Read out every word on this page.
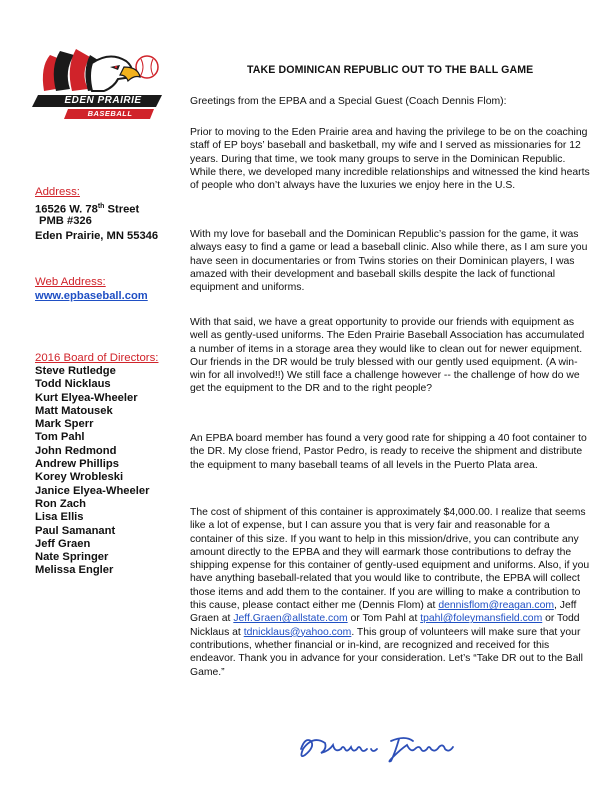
EDEN PRAIRIE
BASEBALL
Address:
16526 W. 78th Street
PMB #326
Eden Prairie, MN 55346
Web Address:
www.epbaseball.com
2016 Board of Directors:
Steve Rutledge
Todd Nicklaus
Kurt Elyea-Wheeler
Matt Matousek
Mark Sperr
Tom Pahl
John Redmond
Andrew Phillips
Korey Wrobleski
Janice Elyea-Wheeler
Ron Zach
Lisa Ellis
Paul Samanant
Jeff Graen
Nate Springer
Melissa Engler
TAKE DOMINICAN REPUBLIC OUT TO THE BALL GAME

Greetings from the EPBA and a Special Guest (Coach Dennis Flom):

Prior to moving to the Eden Prairie area and having the privilege to be on the coaching staff of EP boys’ baseball and basketball, my wife and I served as missionaries for 12 years. During that time, we took many groups to serve in the Dominican Republic. While there, we developed many incredible relationships and witnessed the kind hearts of people who don’t always have the luxuries we enjoy here in the U.S.

With my love for baseball and the Dominican Republic’s passion for the game, it was always easy to find a game or lead a baseball clinic. Also while there, as I am sure you have seen in documentaries or from Twins stories on their Dominican players, I was amazed with their development and baseball skills despite the lack of functional equipment and uniforms.

With that said, we have a great opportunity to provide our friends with equipment as well as gently-used uniforms. The Eden Prairie Baseball Association has accumulated a number of items in a storage area they would like to clean out for newer equipment. Our friends in the DR would be truly blessed with our gently used equipment. (A win-win for all involved!!) We still face a challenge however -- the challenge of how do we get the equipment to the DR and to the right people?

An EPBA board member has found a very good rate for shipping a 40 foot container to the DR. My close friend, Pastor Pedro, is ready to receive the shipment and distribute the equipment to many baseball teams of all levels in the Puerto Plata area.

The cost of shipment of this container is approximately $4,000.00. I realize that seems like a lot of expense, but I can assure you that is very fair and reasonable for a container of this size. If you want to help in this mission/drive, you can contribute any amount directly to the EPBA and they will earmark those contributions to defray the shipping expense for this container of gently-used equipment and uniforms. Also, if you have anything baseball-related that you would like to contribute, the EPBA will collect those items and add them to the container. If you are willing to make a contribution to this cause, please contact either me (Dennis Flom) at dennisflom@reagan.com, Jeff Graen at Jeff.Graen@allstate.com or Tom Pahl at tpahl@foleymansfield.com or Todd Nicklaus at tdnicklaus@yahoo.com. This group of volunteers will make sure that your contributions, whether financial or in-kind, are recognized and received for this endeavor. Thank you in advance for your consideration. Let’s “Take DR out to the Ball Game.”
